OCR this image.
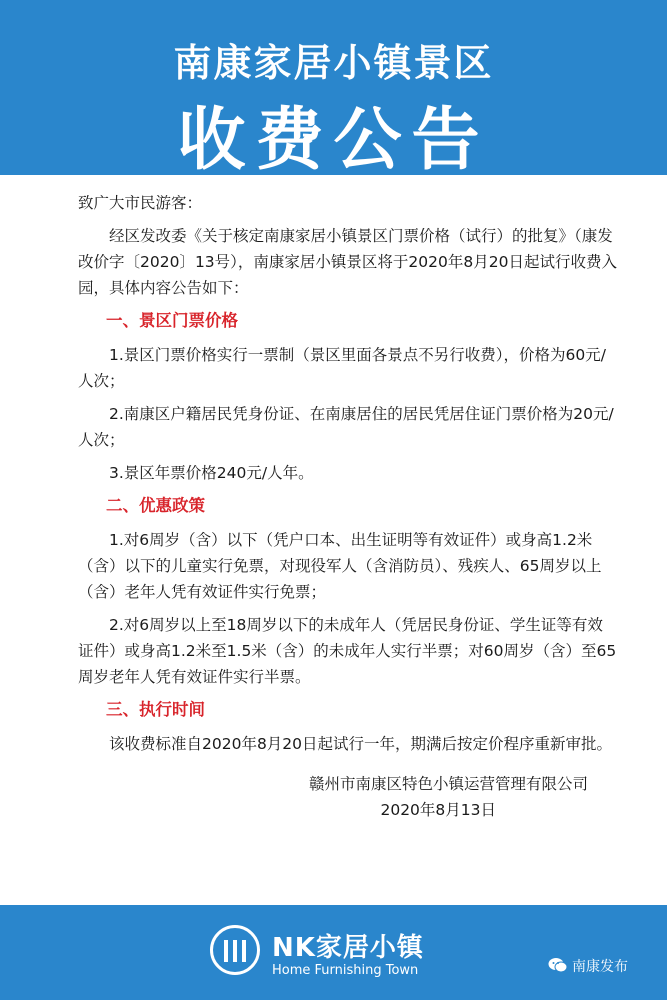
南康家居小镇景区
收费公告

致广大市民游客：

经区发改委《关于核定南康家居小镇景区门票价格（试行）的批复》（康发改价字〔2020〕13号），南康家居小镇景区将于2020年8月20日起试行收费入园，具体内容公告如下：

一、景区门票价格

1.景区门票价格实行一票制（景区里面各景点不另行收费），价格为60元/人次；

2.南康区户籍居民凭身份证、在南康居住的居民凭居住证门票价格为20元/人次；

3.景区年票价格240元/人年。

二、优惠政策

1.对6周岁（含）以下（凭户口本、出生证明等有效证件）或身高1.2米（含）以下的儿童实行免票，对现役军人（含消防员）、残疾人、65周岁以上（含）老年人凭有效证件实行免票；

2.对6周岁以上至18周岁以下的未成年人（凭居民身份证、学生证等有效证件）或身高1.2米至1.5米（含）的未成年人实行半票；对60周岁（含）至65周岁老年人凭有效证件实行半票。

三、执行时间

该收费标准自2020年8月20日起试行一年，期满后按定价程序重新审批。

赣州市南康区特色小镇运营管理有限公司

2020年8月13日

NK家居小镇
Home Furnishing Town	南康发布
